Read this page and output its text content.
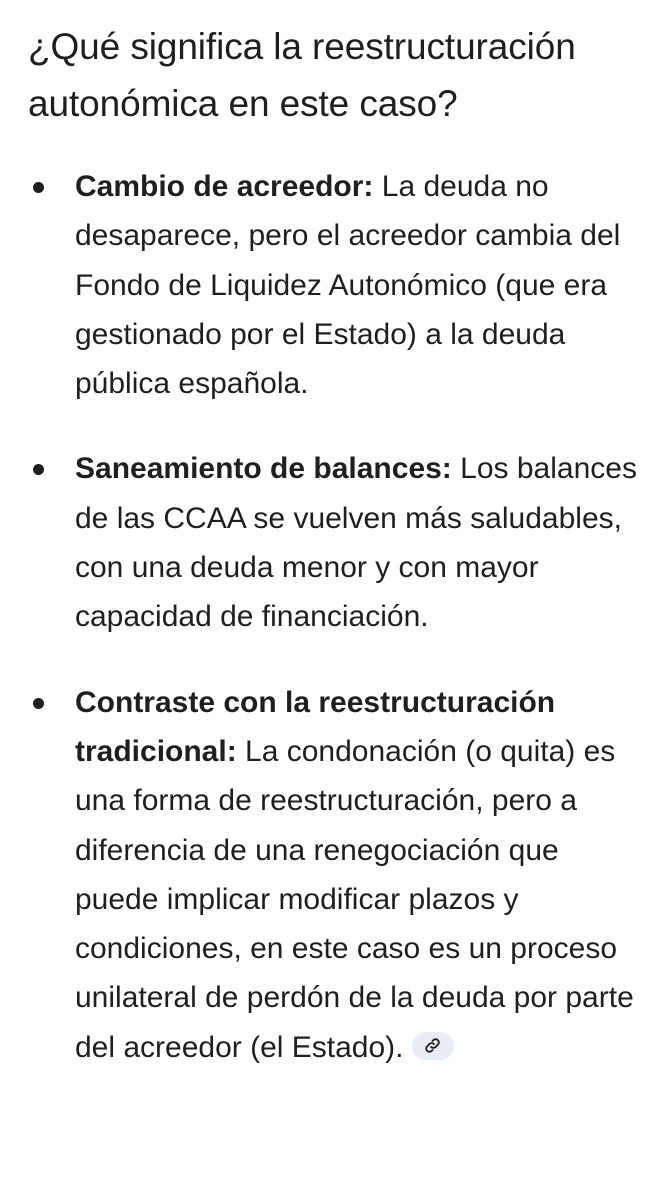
¿Qué significa la reestructuración autonómica en este caso?
Cambio de acreedor: La deuda no desaparece, pero el acreedor cambia del Fondo de Liquidez Autonómico (que era gestionado por el Estado) a la deuda pública española.
Saneamiento de balances: Los balances de las CCAA se vuelven más saludables, con una deuda menor y con mayor capacidad de financiación.
Contraste con la reestructuración tradicional: La condonación (o quita) es una forma de reestructuración, pero a diferencia de una renegociación que puede implicar modificar plazos y condiciones, en este caso es un proceso unilateral de perdón de la deuda por parte del acreedor (el Estado).
